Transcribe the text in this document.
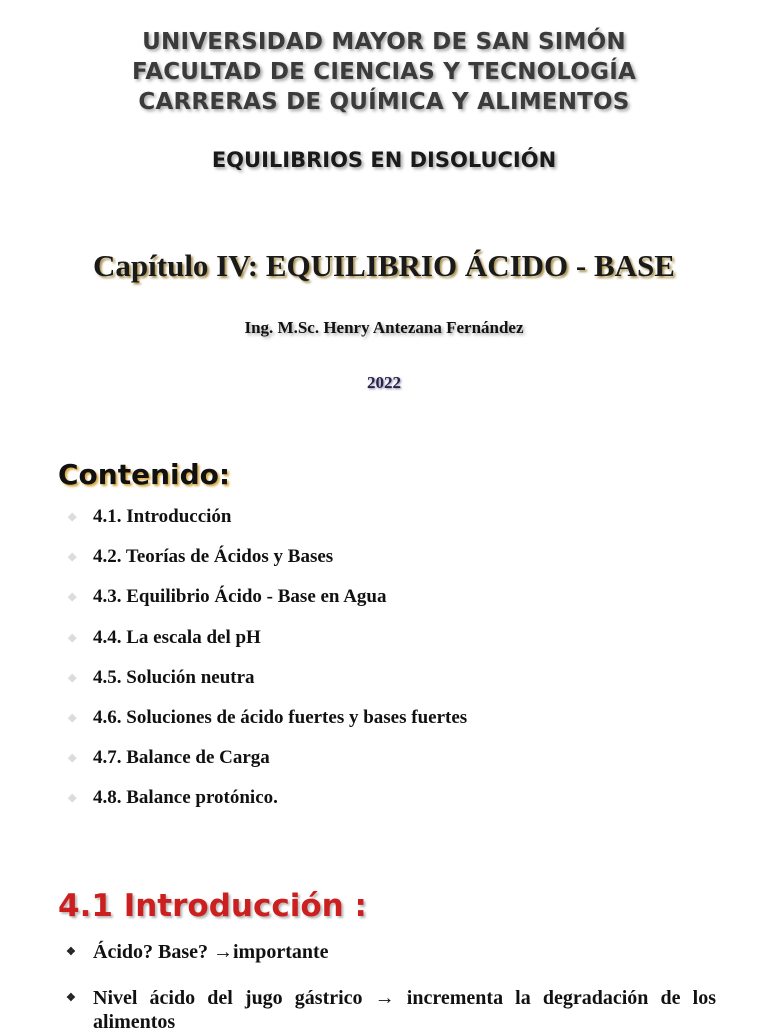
UNIVERSIDAD MAYOR DE SAN SIMÓN
FACULTAD DE CIENCIAS Y TECNOLOGÍA
CARRERAS DE QUÍMICA Y ALIMENTOS
EQUILIBRIOS EN DISOLUCIÓN
Capítulo IV: EQUILIBRIO ÁCIDO - BASE
Ing. M.Sc. Henry Antezana Fernández
2022
Contenido:
◆ 4.1. Introducción
◆ 4.2. Teorías de Ácidos y Bases
◆ 4.3. Equilibrio Ácido - Base en Agua
◆ 4.4. La escala del pH
◆ 4.5. Solución neutra
◆ 4.6. Soluciones de ácido fuertes y bases fuertes
◆ 4.7. Balance de Carga
◆ 4.8. Balance protónico.
4.1 Introducción :
❖ Ácido? Base? →importante
❖ Nivel ácido del jugo gástrico → incrementa la degradación de los alimentos
